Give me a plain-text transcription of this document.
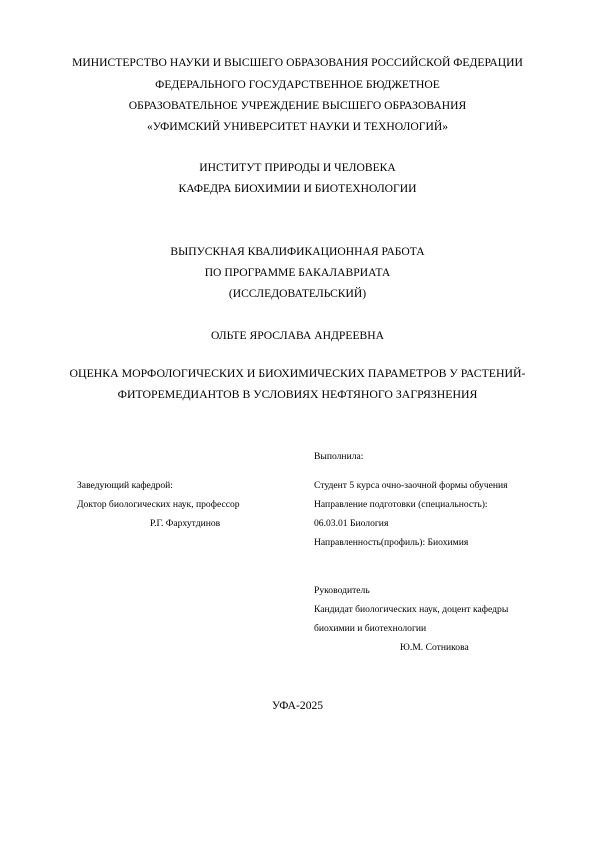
МИНИСТЕРСТВО НАУКИ И ВЫСШЕГО ОБРАЗОВАНИЯ РОССИЙСКОЙ ФЕДЕРАЦИИ
ФЕДЕРАЛЬНОГО ГОСУДАРСТВЕННОЕ БЮДЖЕТНОЕ
ОБРАЗОВАТЕЛЬНОЕ УЧРЕЖДЕНИЕ ВЫСШЕГО ОБРАЗОВАНИЯ
«УФИМСКИЙ УНИВЕРСИТЕТ НАУКИ И ТЕХНОЛОГИЙ»
ИНСТИТУТ ПРИРОДЫ И ЧЕЛОВЕКА
КАФЕДРА БИОХИМИИ И БИОТЕХНОЛОГИИ
ВЫПУСКНАЯ КВАЛИФИКАЦИОННАЯ РАБОТА
ПО ПРОГРАММЕ БАКАЛАВРИАТА
(ИССЛЕДОВАТЕЛЬСКИЙ)
ОЛЬТЕ ЯРОСЛАВА АНДРЕЕВНА
ОЦЕНКА МОРФОЛОГИЧЕСКИХ И БИОХИМИЧЕСКИХ ПАРАМЕТРОВ У РАСТЕНИЙ-
ФИТОРЕМЕДИАНТОВ В УСЛОВИЯХ НЕФТЯНОГО ЗАГРЯЗНЕНИЯ
Выполнила:
Заведующий кафедрой:
Доктор биологических наук, профессор
Р.Г. Фархутдинов
Студент 5 курса очно-заочной формы обучения
Направление подготовки (специальность):
06.03.01 Биология
Направленность(профиль): Биохимия
Руководитель
Кандидат биологических наук, доцент кафедры
биохимии и биотехнологии
Ю.М. Сотникова
УФА-2025
